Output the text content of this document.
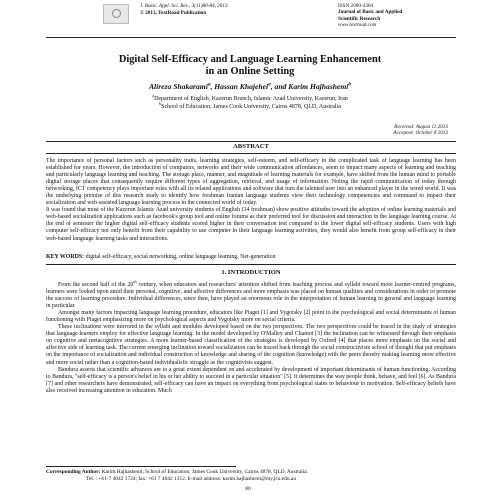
J. Basic. Appl. Sci. Res., 3(11)80-84, 2013
© 2013, TextRoad Publication
ISSN 2090-4304
Journal of Basic and Applied
Scientific Research
www.textroad.com
Digital Self-Efficacy and Language Learning Enhancement
in an Online Setting
Alireza Shakarami$^a$, Hassan Khajehei$^a$, and Karim Hajhashemi$^b$
$^a$Department of English, Kazerun Branch, Islamic Azad University, Kazerun, Iran
$^b$School of Education, James Cook University, Cairns 4878, QLD, Australia
Received: August 11 2013
Accepted: October 8 2013
ABSTRACT

The importance of personal factors such as personality traits, learning strategies, self-esteem, and self-efficacy in the complicated task of language learning has been established for years. However, the introduction of computers, networks and their wide communication affordances, seem to impact many aspects of learning and teaching and particularly language learning and teaching. The storage place, manner, and magnitude of learning materials for example, have shifted from the human mind to portable digital storage places that consequently require different types of aggregation, retrieval, and usage of information. Noting the rapid communication of today through networking, ICT competency plays important roles with all its related applications and software that turn the talented user into an enhanced player in the wired world. It was the underlying premise of this research study to identify how freshman Iranian language students view their technology competencies and command to impact their socialization and web-assisted language learning process in the connected world of today.

It was found that most of the Kazerun Islamic Azad university students of English (34 freshman) show positive attitudes toward the adoption of online learning materials and web-based socialization applications such as facebook's group tool and online forums as their preferred tool for discussion and interaction in the language learning course. At the end of semester the higher digital self-efficacy students scored higher in their conversation test compared to the lower digital self-efficacy students. Users with high computer self-efficacy not only benefit from their capability to use computer in their language learning activities, they would also benefit from group self-efficacy in their web-based language learning tasks and interactions.

KEY WORDS: digital self-efficacy, social networking, online language learning, Net-generation
1. INTRODUCTION

From the second half of the 20th century, when educators and researchers' attention shifted from teaching process and syllabi toward more learner-centred programs, learners were looked upon amid their personal, cognitive, and affective differences and more emphasis was placed on human qualities and considerations in order to promote the success of learning procedure. Individual differences, since then, have played an enormous role in the interpretation of human learning in general and language learning in particular.

Amongst many factors impacting language learning procedure, educators like Piaget [1] and Vygotsky [2] point to the psychological and social determinants of human functioning with Piaget emphasizing more on psychological aspects and Vygotsky more on social criteria.

These inclinations were mirrored in the syllabi and modules developed based on the two perspectives. The two perspectives could be traced in the study of strategies that language learners employ for effective language learning. In the model developed by O'Malley and Chamot [3] the inclination can be witnessed through their emphasis on cognitive and metacognitive strategies. A more learner-based classification of the strategies is developed by Oxford [4] that places more emphasis on the social and affective side of learning task. The current emerging inclination toward socialization can be traced back through the social constructivism school of thought that put emphasis on the importance of socialization and individual construction of knowledge and sharing of the cognition (knowledge) with the peers thereby making learning more effective and more social rather than a cognition-based individualistic struggle as the cognitivists suggest.

Bandura asserts that scientific advances are to a great extent dependent on and accelerated by development of important determinants of human functioning. According to Bandura, "self-efficacy is a person's belief in his or her ability to succeed in a particular situation" [5]. It determines the way people think, behave, and feel [6]. As Bandura [7] and other researchers have demonstrated, self-efficacy can have an impact on everything from psychological states to behaviour to motivation. Self-efficacy beliefs have also received increasing attention in education. Much

Corresponding Author: Karim Hajhashemi, School of Education, James Cook University, Cairns 4878, QLD, Australia.
Tel. : +61-7 4042 1724; fax: +61 7 4042 1312. E-mail address: karim.hajhashemi@my.jcu.edu.au
80
